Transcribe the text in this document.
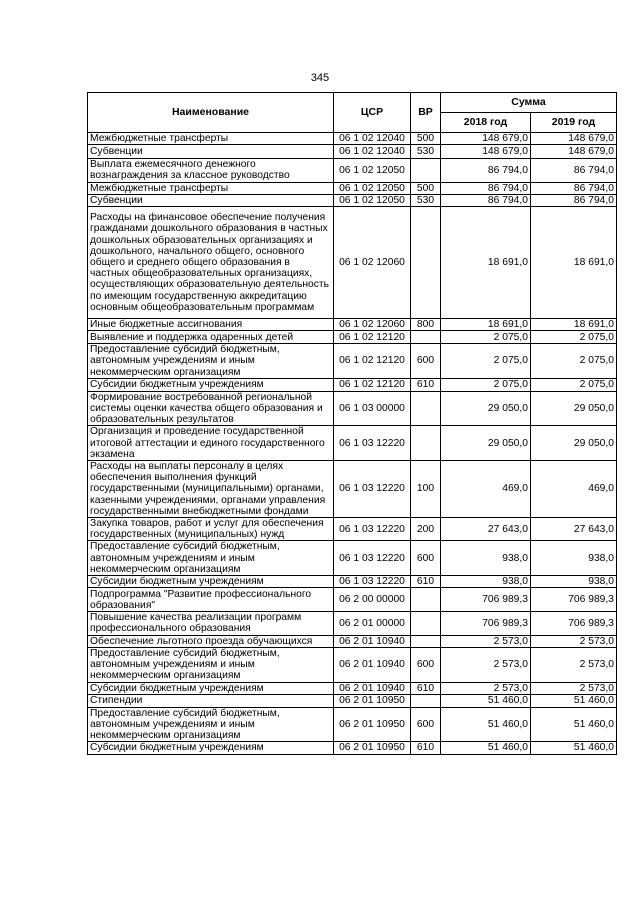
345
Наименование	ЦСР	ВР	Сумма	
			2018 год	2019 год
Межбюджетные трансферты	06 1 02 12040	500	148 679,0	148 679,0
Субвенции	06 1 02 12040	530	148 679,0	148 679,0
Выплата ежемесячного денежного вознаграждения за классное руководство	06 1 02 12050		86 794,0	86 794,0
Межбюджетные трансферты	06 1 02 12050	500	86 794,0	86 794,0
Субвенции	06 1 02 12050	530	86 794,0	86 794,0
Расходы на финансовое обеспечение получения гражданами дошкольного образования в частных дошкольных образовательных организациях и дошкольного, начального общего, основного общего и среднего общего образования в частных общеобразовательных организациях, осуществляющих образовательную деятельность по имеющим государственную аккредитацию основным общеобразовательным программам	06 1 02 12060		18 691,0	18 691,0
Иные бюджетные ассигнования	06 1 02 12060	800	18 691,0	18 691,0
Выявление и поддержка одаренных детей	06 1 02 12120		2 075,0	2 075,0
Предоставление субсидий бюджетным, автономным учреждениям и иным некоммерческим организациям	06 1 02 12120	600	2 075,0	2 075,0
Субсидии бюджетным учреждениям	06 1 02 12120	610	2 075,0	2 075,0
Формирование востребованной региональной системы оценки качества общего образования и образовательных результатов	06 1 03 00000		29 050,0	29 050,0
Организация и проведение государственной итоговой аттестации и единого государственного экзамена	06 1 03 12220		29 050,0	29 050,0
Расходы на выплаты персоналу в целях обеспечения выполнения функций государственными (муниципальными) органами, казенными учреждениями, органами управления государственными внебюджетными фондами	06 1 03 12220	100	469,0	469,0
Закупка товаров, работ и услуг для обеспечения государственных (муниципальных) нужд	06 1 03 12220	200	27 643,0	27 643,0
Предоставление субсидий бюджетным, автономным учреждениям и иным некоммерческим организациям	06 1 03 12220	600	938,0	938,0
Субсидии бюджетным учреждениям	06 1 03 12220	610	938,0	938,0
Подпрограмма "Развитие профессионального образования"	06 2 00 00000		706 989,3	706 989,3
Повышение качества реализации программ профессионального образования	06 2 01 00000		706 989,3	706 989,3
Обеспечение льготного проезда обучающихся	06 2 01 10940		2 573,0	2 573,0
Предоставление субсидий бюджетным, автономным учреждениям и иным некоммерческим организациям	06 2 01 10940	600	2 573,0	2 573,0
Субсидии бюджетным учреждениям	06 2 01 10940	610	2 573,0	2 573,0
Стипендии	06 2 01 10950		51 460,0	51 460,0
Предоставление субсидий бюджетным, автономным учреждениям и иным некоммерческим организациям	06 2 01 10950	600	51 460,0	51 460,0
Субсидии бюджетным учреждениям	06 2 01 10950	610	51 460,0	51 460,0
